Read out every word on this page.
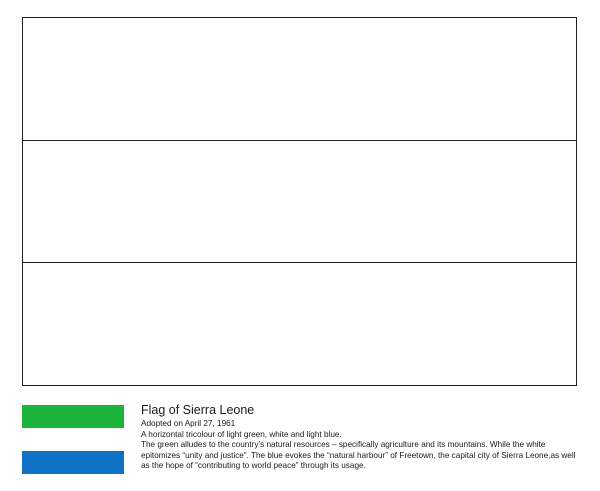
Flag of Sierra Leone

Adopted on April 27, 1961

A horizontal tricolour of light green, white and light blue.

The green alludes to the country’s natural resources – specifically agriculture and its mountains. While the white epitomizes “unity and justice”. The blue evokes the “natural harbour” of Freetown, the capital city of Sierra Leone,as well as the hope of “contributing to world peace” through its usage.
